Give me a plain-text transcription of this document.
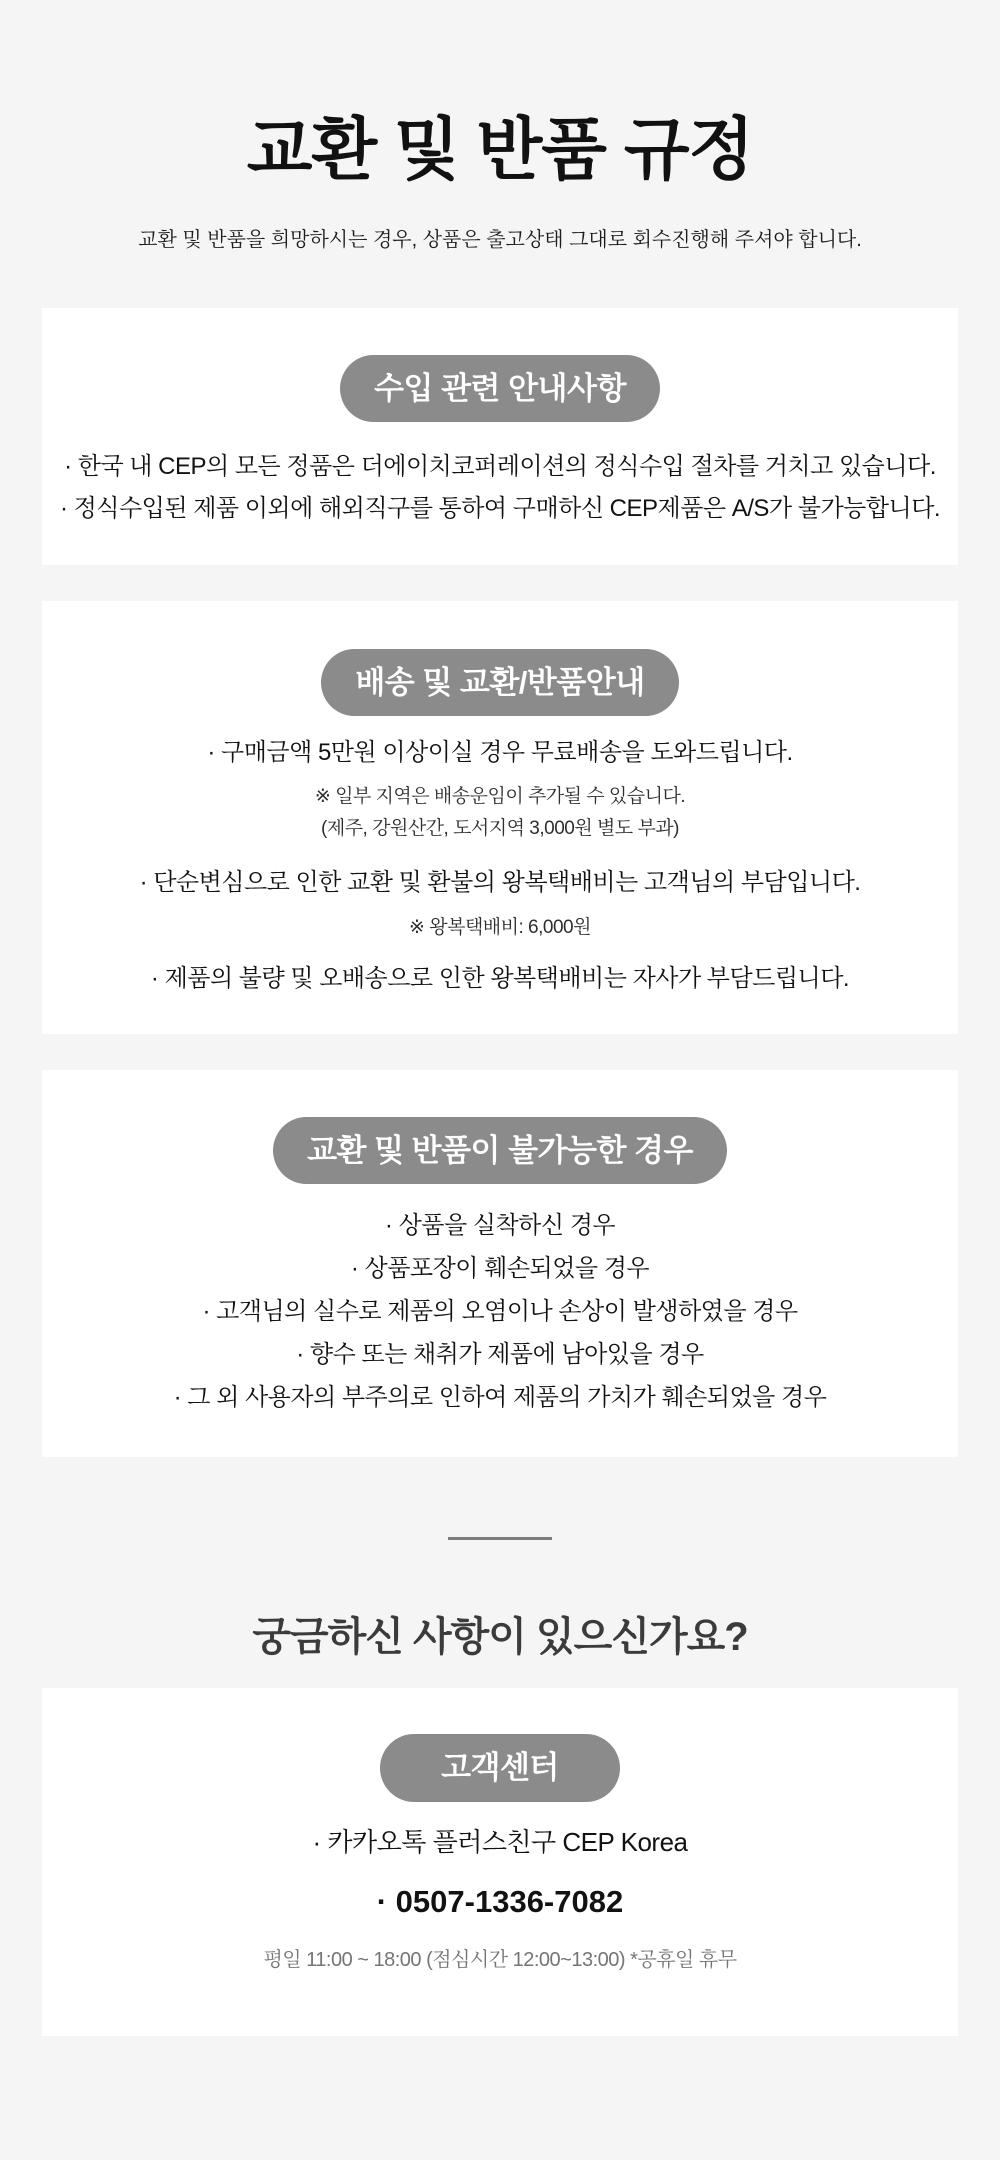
교환 및 반품 규정
교환 및 반품을 희망하시는 경우, 상품은 출고상태 그대로 회수진행해 주셔야 합니다.
수입 관련 안내사항
· 한국 내 CEP의 모든 정품은 더에이치코퍼레이션의 정식수입 절차를 거치고 있습니다.
· 정식수입된 제품 이외에 해외직구를 통하여 구매하신 CEP제품은 A/S가 불가능합니다.
배송 및 교환/반품안내
· 구매금액 5만원 이상이실 경우 무료배송을 도와드립니다.
※ 일부 지역은 배송운임이 추가될 수 있습니다.
(제주, 강원산간, 도서지역 3,000원 별도 부과)
· 단순변심으로 인한 교환 및 환불의 왕복택배비는 고객님의 부담입니다.
※ 왕복택배비: 6,000원
· 제품의 불량 및 오배송으로 인한 왕복택배비는 자사가 부담드립니다.
교환 및 반품이 불가능한 경우
· 상품을 실착하신 경우
· 상품포장이 훼손되었을 경우
· 고객님의 실수로 제품의 오염이나 손상이 발생하였을 경우
· 향수 또는 채취가 제품에 남아있을 경우
· 그 외 사용자의 부주의로 인하여 제품의 가치가 훼손되었을 경우
궁금하신 사항이 있으신가요?
고객센터
· 카카오톡 플러스친구 CEP Korea
· 0507-1336-7082
평일 11:00 ~ 18:00 (점심시간 12:00~13:00) *공휴일 휴무
